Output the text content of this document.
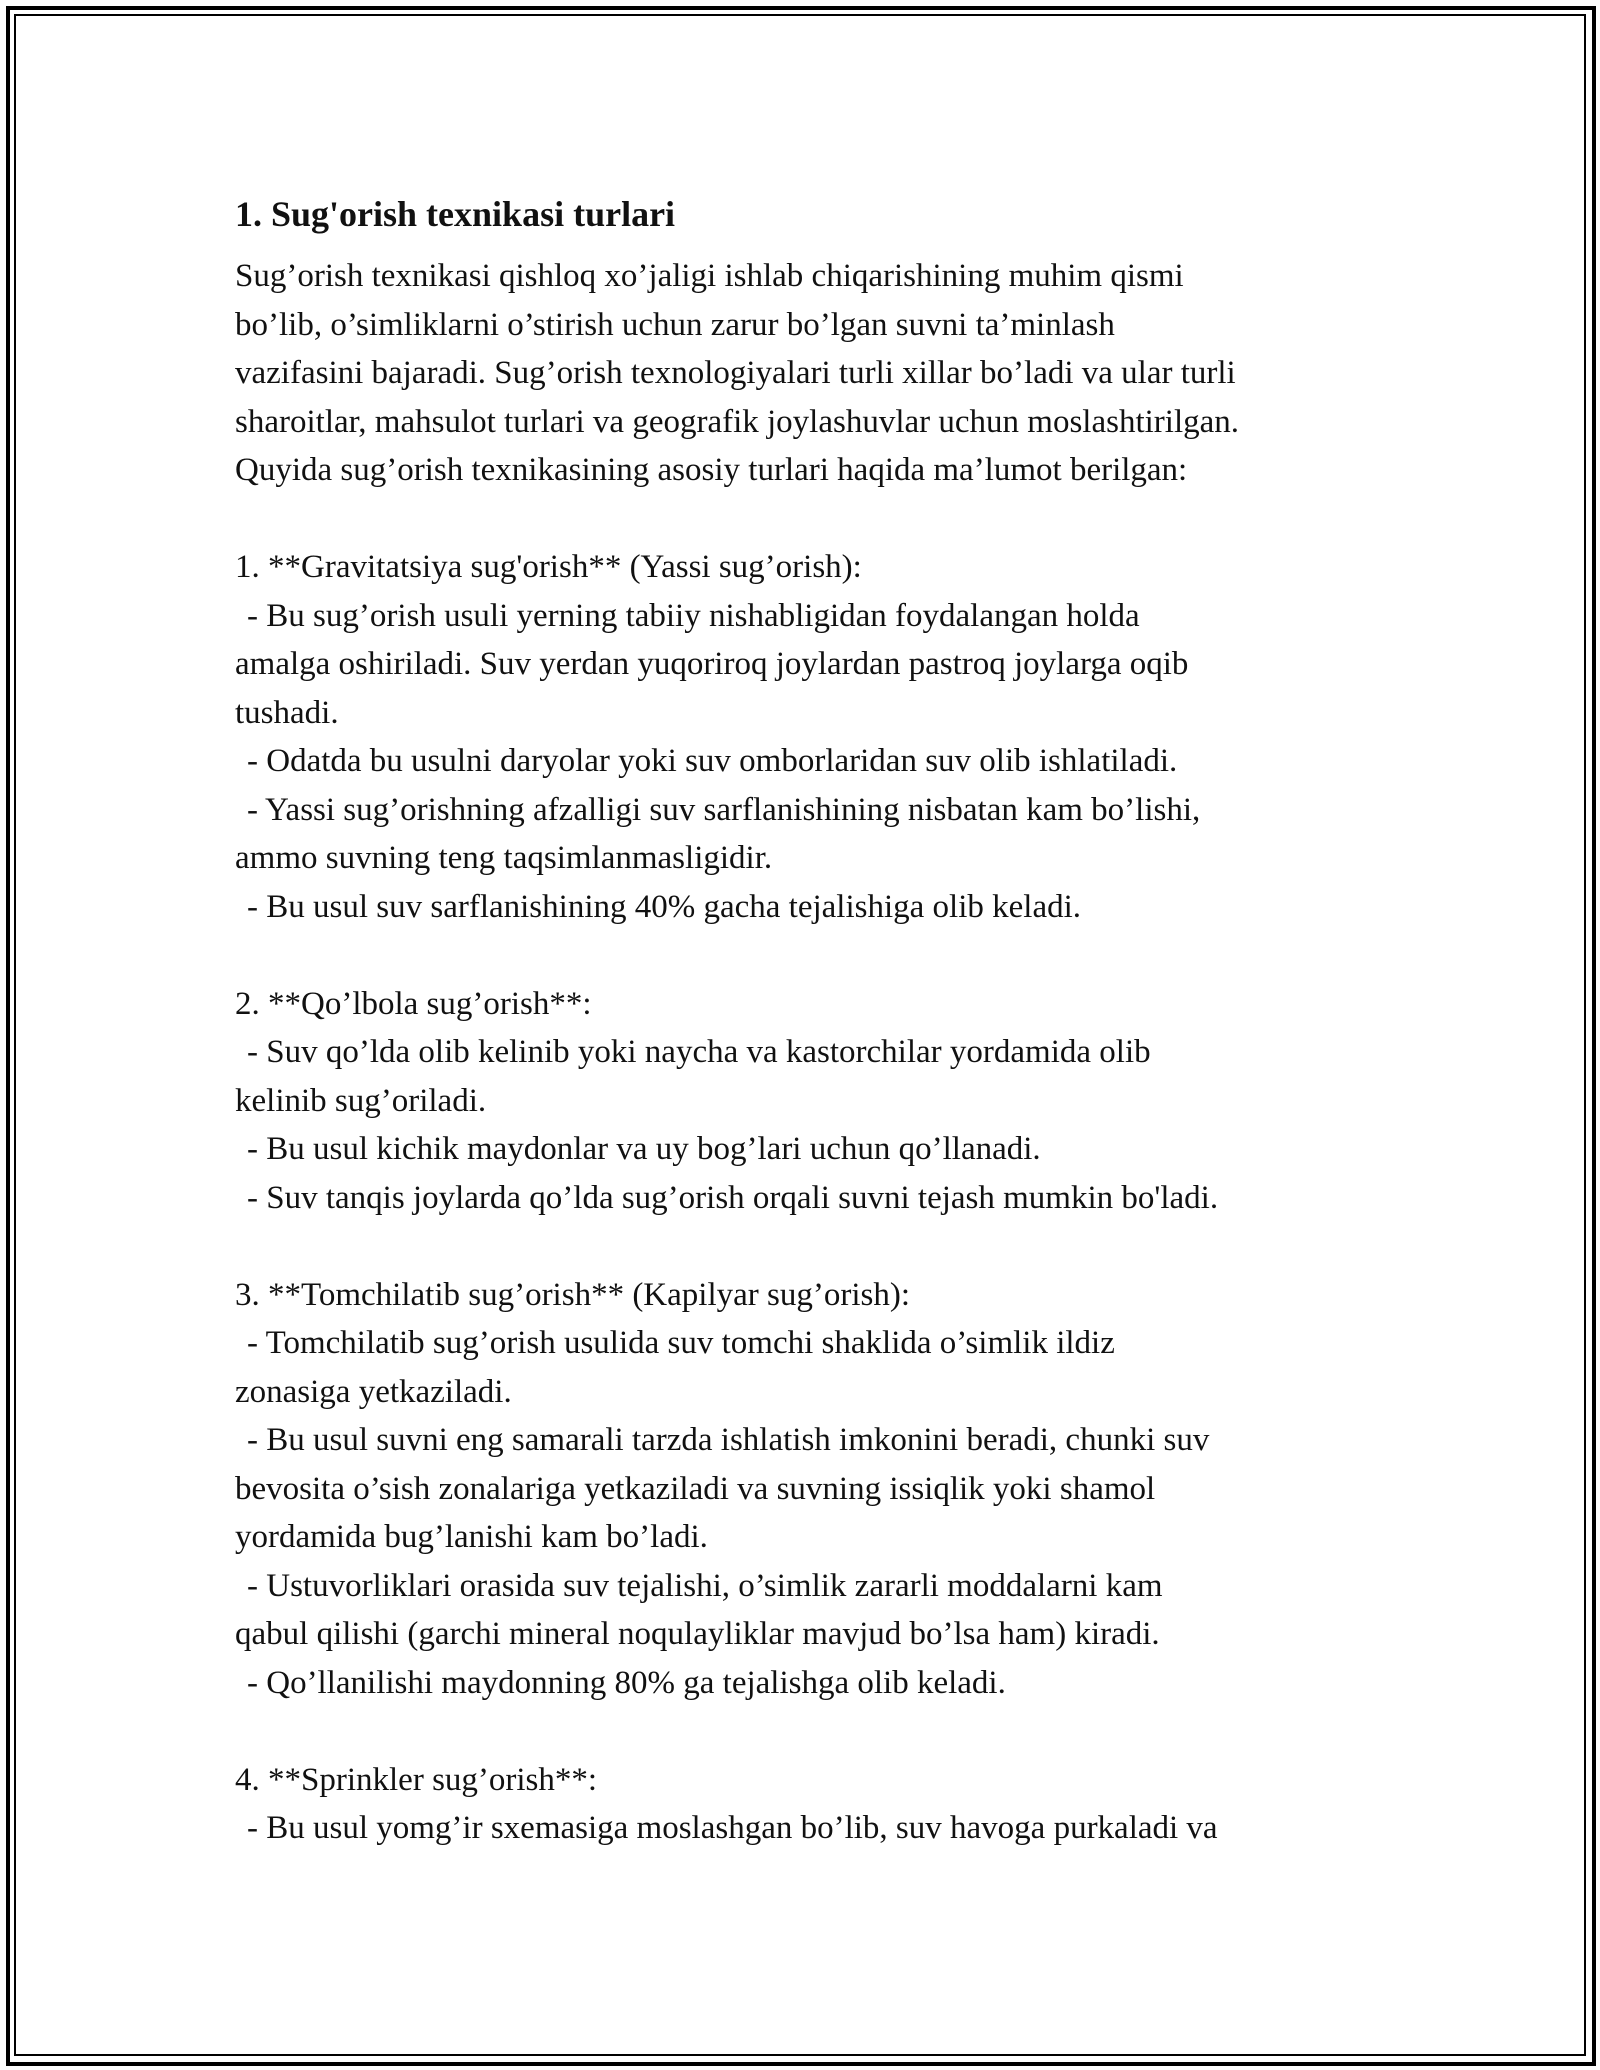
1. Sug'orish texnikasi turlari
Sug’orish texnikasi qishloq xo’jaligi ishlab chiqarishining muhim qismi
bo’lib, o’simliklarni o’stirish uchun zarur bo’lgan suvni ta’minlash
vazifasini bajaradi. Sug’orish texnologiyalari turli xillar bo’ladi va ular turli
sharoitlar, mahsulot turlari va geografik joylashuvlar uchun moslashtirilgan.
Quyida sug’orish texnikasining asosiy turlari haqida ma’lumot berilgan:
1. **Gravitatsiya sug'orish** (Yassi sug’orish):
- Bu sug’orish usuli yerning tabiiy nishabligidan foydalangan holda
amalga oshiriladi. Suv yerdan yuqoriroq joylardan pastroq joylarga oqib
tushadi.
- Odatda bu usulni daryolar yoki suv omborlaridan suv olib ishlatiladi.
- Yassi sug’orishning afzalligi suv sarflanishining nisbatan kam bo’lishi,
ammo suvning teng taqsimlanmasligidir.
- Bu usul suv sarflanishining 40% gacha tejalishiga olib keladi.
2. **Qo’lbola sug’orish**:
- Suv qo’lda olib kelinib yoki naycha va kastorchilar yordamida olib
kelinib sug’oriladi.
- Bu usul kichik maydonlar va uy bog’lari uchun qo’llanadi.
- Suv tanqis joylarda qo’lda sug’orish orqali suvni tejash mumkin bo'ladi.
3. **Tomchilatib sug’orish** (Kapilyar sug’orish):
- Tomchilatib sug’orish usulida suv tomchi shaklida o’simlik ildiz
zonasiga yetkaziladi.
- Bu usul suvni eng samarali tarzda ishlatish imkonini beradi, chunki suv
bevosita o’sish zonalariga yetkaziladi va suvning issiqlik yoki shamol
yordamida bug’lanishi kam bo’ladi.
- Ustuvorliklari orasida suv tejalishi, o’simlik zararli moddalarni kam
qabul qilishi (garchi mineral noqulayliklar mavjud bo’lsa ham) kiradi.
- Qo’llanilishi maydonning 80% ga tejalishga olib keladi.
4. **Sprinkler sug’orish**:
- Bu usul yomg’ir sxemasiga moslashgan bo’lib, suv havoga purkaladi va
